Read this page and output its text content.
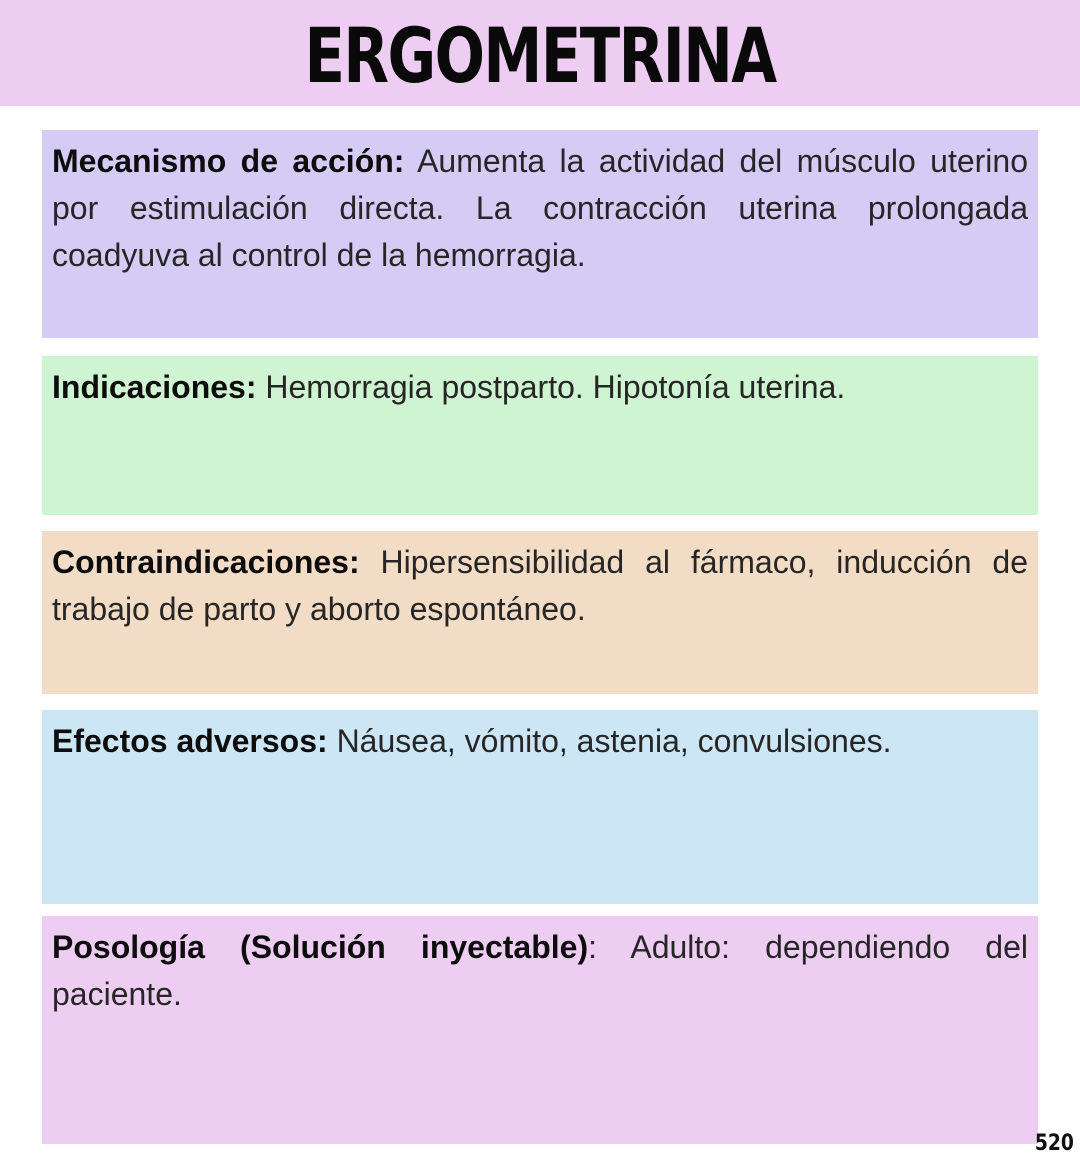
ERGOMETRINA

Mecanismo de acción: Aumenta la actividad del músculo uterino por estimulación directa. La contracción uterina prolongada coadyuva al control de la hemorragia.

Indicaciones: Hemorragia postparto. Hipotonía uterina.

Contraindicaciones: Hipersensibilidad al fármaco, inducción de trabajo de parto y aborto espontáneo.

Efectos adversos: Náusea, vómito, astenia, convulsiones.

Posología (Solución inyectable): Adulto: dependiendo del paciente.

520
